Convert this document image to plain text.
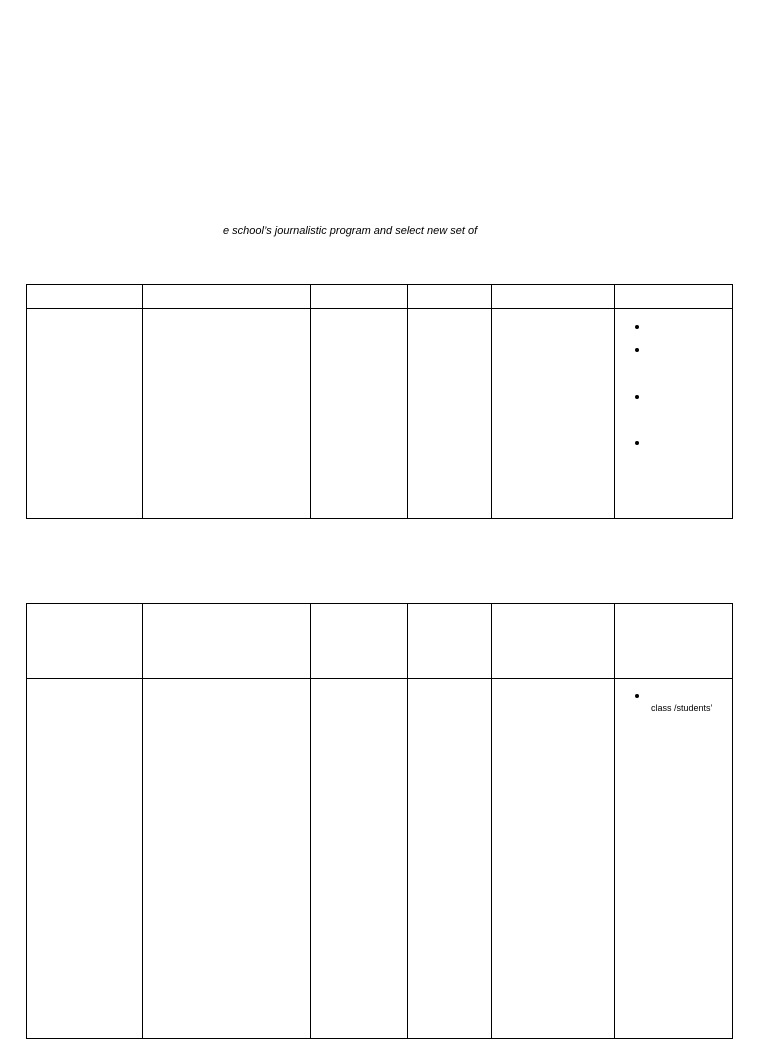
e school’s journalistic program and select new set of

					class /students’
